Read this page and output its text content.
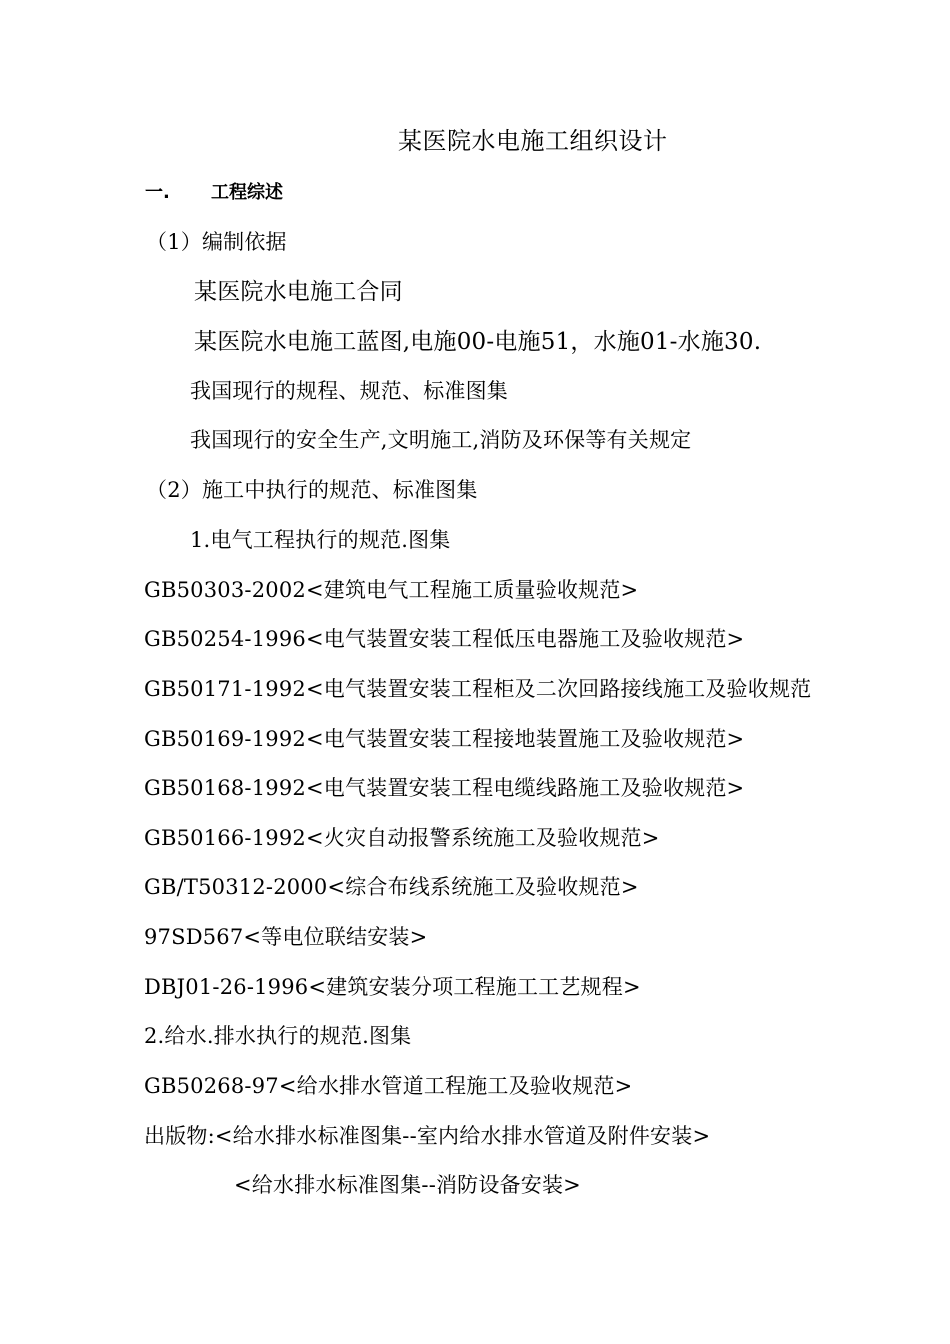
某医院水电施工组织设计
一. 工程综述
（1）编制依据
某医院水电施工合同
某医院水电施工蓝图,电施00-电施51，水施01-水施30.
我国现行的规程、规范、标准图集
我国现行的安全生产,文明施工,消防及环保等有关规定
（2）施工中执行的规范、标准图集
1.电气工程执行的规范.图集
GB50303-2002<建筑电气工程施工质量验收规范>
GB50254-1996<电气装置安装工程低压电器施工及验收规范>
GB50171-1992<电气装置安装工程柜及二次回路接线施工及验收规范
GB50169-1992<电气装置安装工程接地装置施工及验收规范>
GB50168-1992<电气装置安装工程电缆线路施工及验收规范>
GB50166-1992<火灾自动报警系统施工及验收规范>
GB/T50312-2000<综合布线系统施工及验收规范>
97SD567<等电位联结安装>
DBJ01-26-1996<建筑安装分项工程施工工艺规程>
2.给水.排水执行的规范.图集
GB50268-97<给水排水管道工程施工及验收规范>
出版物:<给水排水标准图集--室内给水排水管道及附件安装>
<给水排水标准图集--消防设备安装>
